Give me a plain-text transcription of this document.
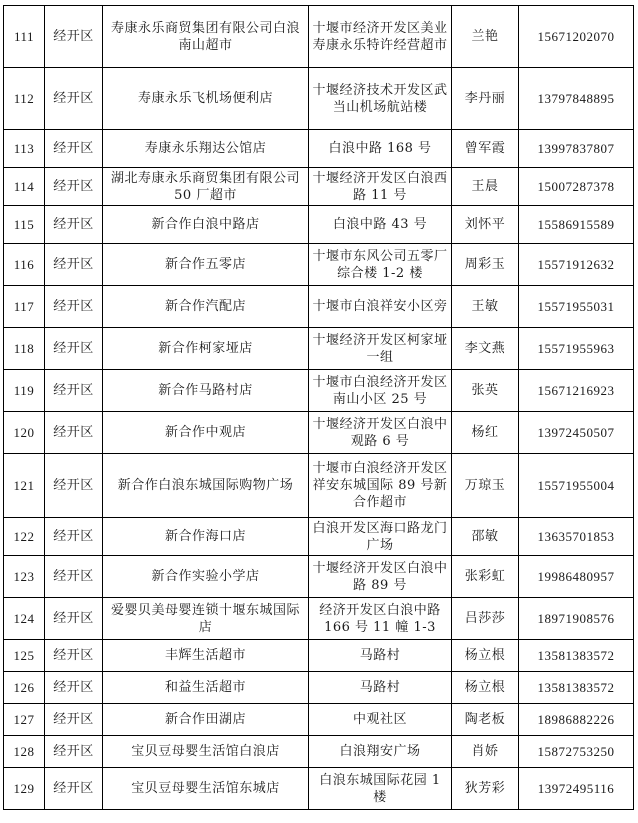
111	经开区	寿康永乐商贸集团有限公司白浪南山超市	十堰市经济开发区美业寿康永乐特许经营超市	兰艳	15671202070
112	经开区	寿康永乐飞机场便利店	十堰经济技术开发区武当山机场航站楼	李丹丽	13797848895
113	经开区	寿康永乐翔达公馆店	白浪中路 168 号	曾军霞	13997837807
114	经开区	湖北寿康永乐商贸集团有限公司 50 厂超市	十堰经济开发区白浪西路 11 号	王晨	15007287378
115	经开区	新合作白浪中路店	白浪中路 43 号	刘怀平	15586915589
116	经开区	新合作五零店	十堰市东风公司五零厂综合楼 1-2 楼	周彩玉	15571912632
117	经开区	新合作汽配店	十堰市白浪祥安小区旁	王敏	15571955031
118	经开区	新合作柯家垭店	十堰经济开发区柯家垭一组	李文燕	15571955963
119	经开区	新合作马路村店	十堰市白浪经济开发区南山小区 25 号	张英	15671216923
120	经开区	新合作中观店	十堰经济开发区白浪中观路 6 号	杨红	13972450507
121	经开区	新合作白浪东城国际购物广场	十堰市白浪经济开发区祥安东城国际 89 号新合作超市	万琼玉	15571955004
122	经开区	新合作海口店	白浪开发区海口路龙门广场	邵敏	13635701853
123	经开区	新合作实验小学店	十堰经济开发区白浪中路 89 号	张彩虹	19986480957
124	经开区	爱婴贝美母婴连锁十堰东城国际店	经济开发区白浪中路 166 号 11 幢 1-3	吕莎莎	18971908576
125	经开区	丰辉生活超市	马路村	杨立根	13581383572
126	经开区	和益生活超市	马路村	杨立根	13581383572
127	经开区	新合作田湖店	中观社区	陶老板	18986882226
128	经开区	宝贝豆母婴生活馆白浪店	白浪翔安广场	肖娇	15872753250
129	经开区	宝贝豆母婴生活馆东城店	白浪东城国际花园 1 楼	狄芳彩	13972495116
